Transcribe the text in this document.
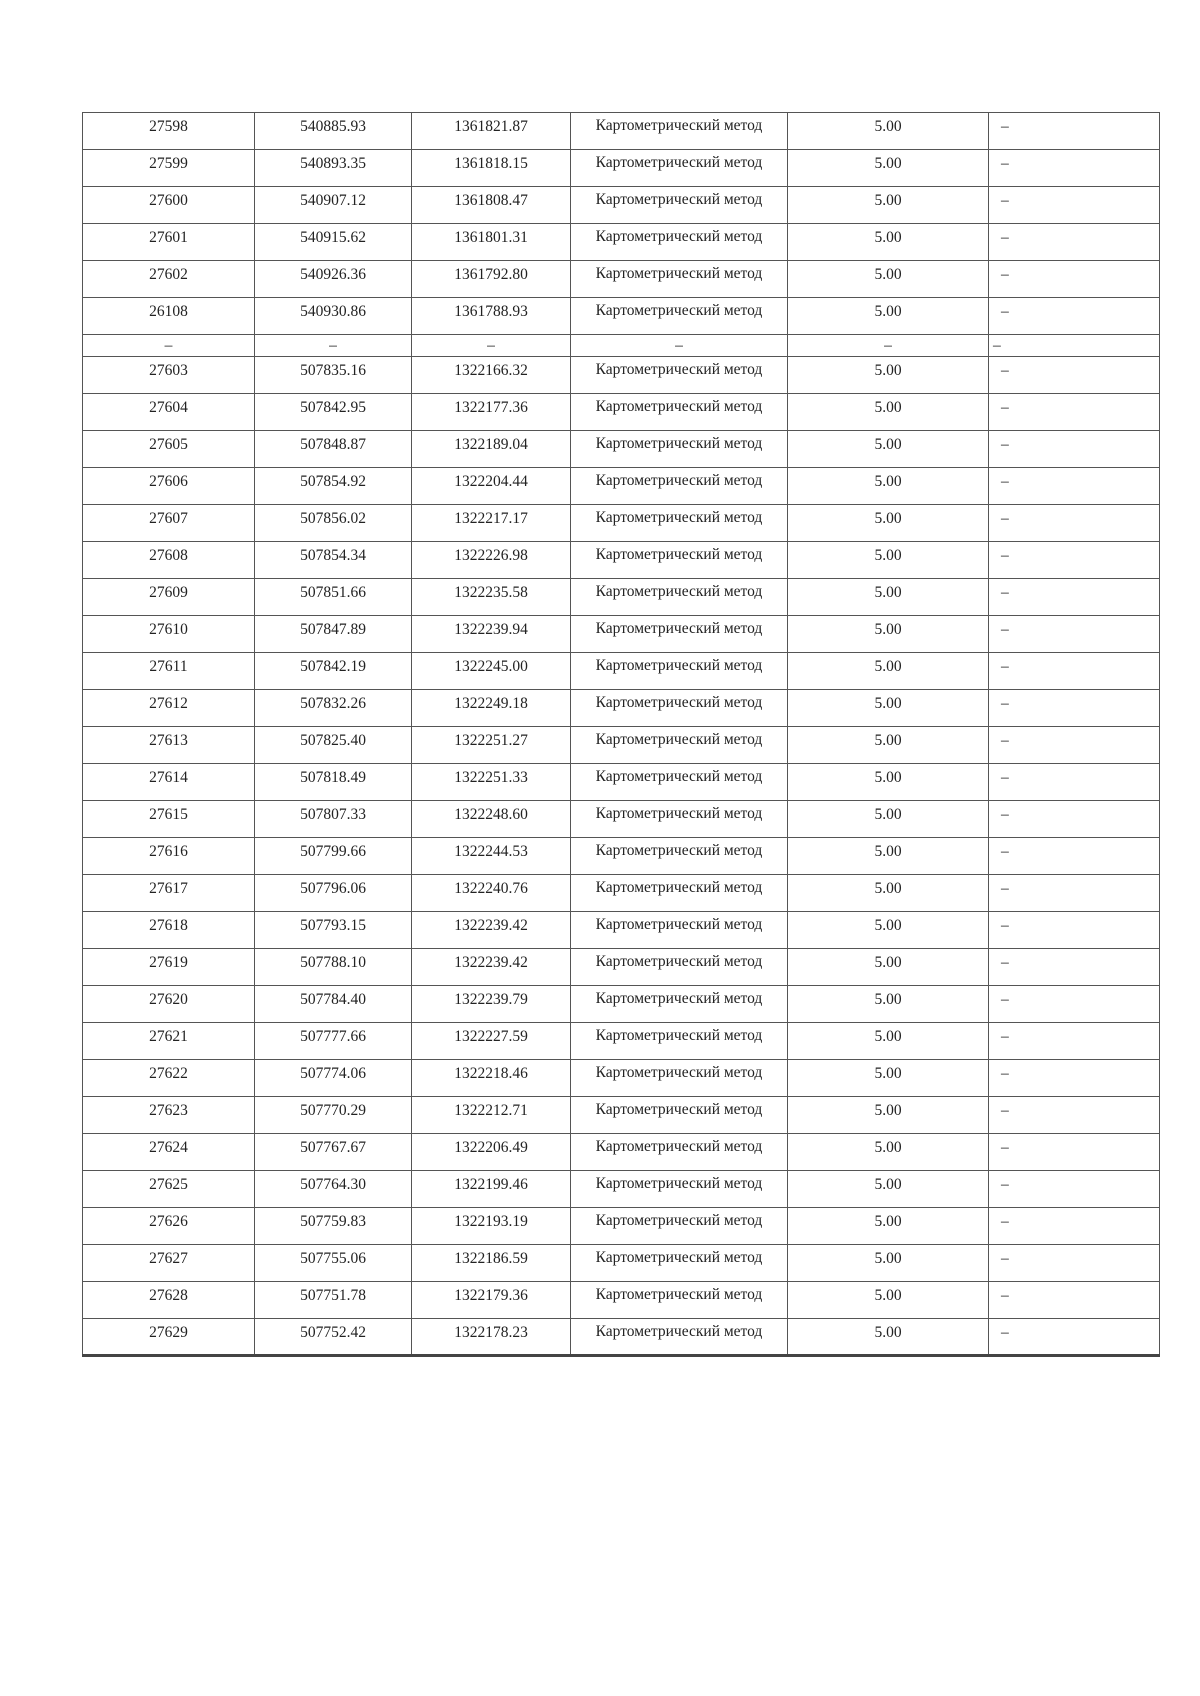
27598	540885.93	1361821.87	Картометрический метод	5.00	–
27599	540893.35	1361818.15	Картометрический метод	5.00	–
27600	540907.12	1361808.47	Картометрический метод	5.00	–
27601	540915.62	1361801.31	Картометрический метод	5.00	–
27602	540926.36	1361792.80	Картометрический метод	5.00	–
26108	540930.86	1361788.93	Картометрический метод	5.00	–
–	–	–	–	–	–
27603	507835.16	1322166.32	Картометрический метод	5.00	–
27604	507842.95	1322177.36	Картометрический метод	5.00	–
27605	507848.87	1322189.04	Картометрический метод	5.00	–
27606	507854.92	1322204.44	Картометрический метод	5.00	–
27607	507856.02	1322217.17	Картометрический метод	5.00	–
27608	507854.34	1322226.98	Картометрический метод	5.00	–
27609	507851.66	1322235.58	Картометрический метод	5.00	–
27610	507847.89	1322239.94	Картометрический метод	5.00	–
27611	507842.19	1322245.00	Картометрический метод	5.00	–
27612	507832.26	1322249.18	Картометрический метод	5.00	–
27613	507825.40	1322251.27	Картометрический метод	5.00	–
27614	507818.49	1322251.33	Картометрический метод	5.00	–
27615	507807.33	1322248.60	Картометрический метод	5.00	–
27616	507799.66	1322244.53	Картометрический метод	5.00	–
27617	507796.06	1322240.76	Картометрический метод	5.00	–
27618	507793.15	1322239.42	Картометрический метод	5.00	–
27619	507788.10	1322239.42	Картометрический метод	5.00	–
27620	507784.40	1322239.79	Картометрический метод	5.00	–
27621	507777.66	1322227.59	Картометрический метод	5.00	–
27622	507774.06	1322218.46	Картометрический метод	5.00	–
27623	507770.29	1322212.71	Картометрический метод	5.00	–
27624	507767.67	1322206.49	Картометрический метод	5.00	–
27625	507764.30	1322199.46	Картометрический метод	5.00	–
27626	507759.83	1322193.19	Картометрический метод	5.00	–
27627	507755.06	1322186.59	Картометрический метод	5.00	–
27628	507751.78	1322179.36	Картометрический метод	5.00	–
27629	507752.42	1322178.23	Картометрический метод	5.00	–
